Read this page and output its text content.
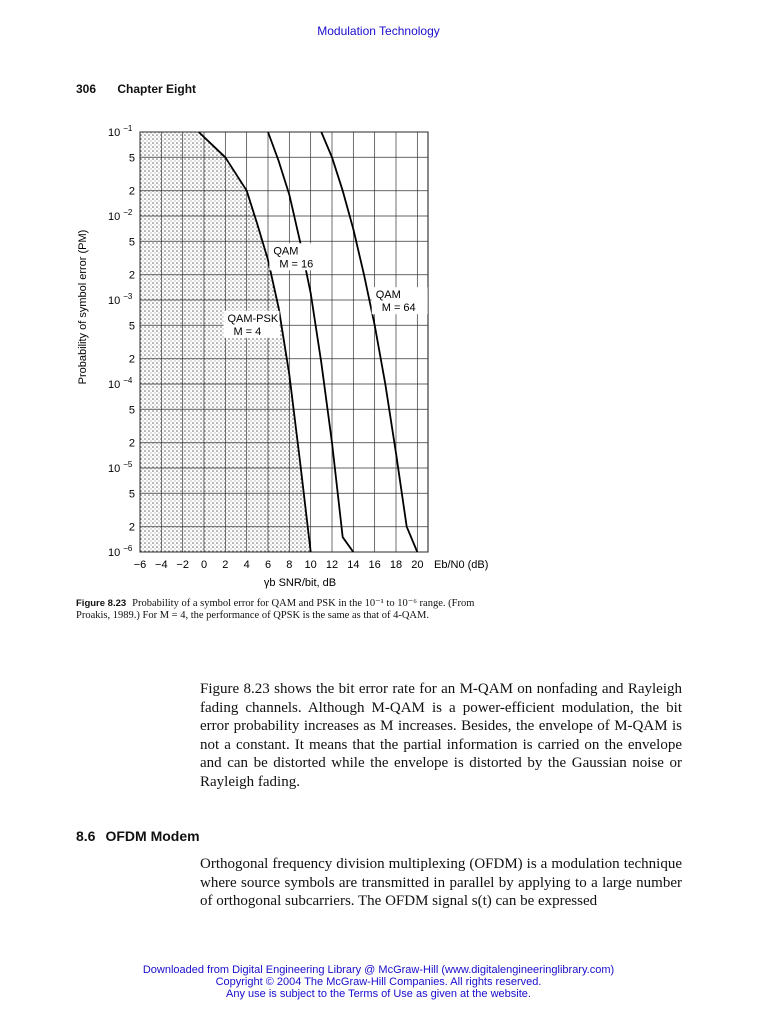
Modulation Technology
306 Chapter Eight
QAM-PSK
M = 4
QAM
M = 16
QAM
M = 64
−6 −4 −2 0 2 4 6 8 10 12 14 16 18 20
10 $^{-1}$
5
2
10 $^{-2}$
5
2
10 $^{-3}$
5
2
10 $^{-4}$
5
2
10 $^{-5}$
5
2
10 $^{-6}$
Probability of symbol error (PM)
γb SNR/bit, dB
Eb/N0 (dB)
Figure 8.23 Probability of a symbol error for QAM and PSK in the 10⁻¹ to 10⁻⁶ range. (From Proakis, 1989.) For M = 4, the performance of QPSK is the same as that of 4-QAM.
Figure 8.23 shows the bit error rate for an M-QAM on nonfading and Rayleigh fading channels. Although M-QAM is a power-efficient modulation, the bit error probability increases as M increases. Besides, the envelope of M-QAM is not a constant. It means that the partial information is carried on the envelope and can be distorted while the envelope is distorted by the Gaussian noise or Rayleigh fading.
8.6 OFDM Modem
Orthogonal frequency division multiplexing (OFDM) is a modulation technique where source symbols are transmitted in parallel by applying to a large number of orthogonal subcarriers. The OFDM signal s(t) can be expressed
Downloaded from Digital Engineering Library @ McGraw-Hill (www.digitalengineeringlibrary.com)
Copyright © 2004 The McGraw-Hill Companies. All rights reserved.
Any use is subject to the Terms of Use as given at the website.
